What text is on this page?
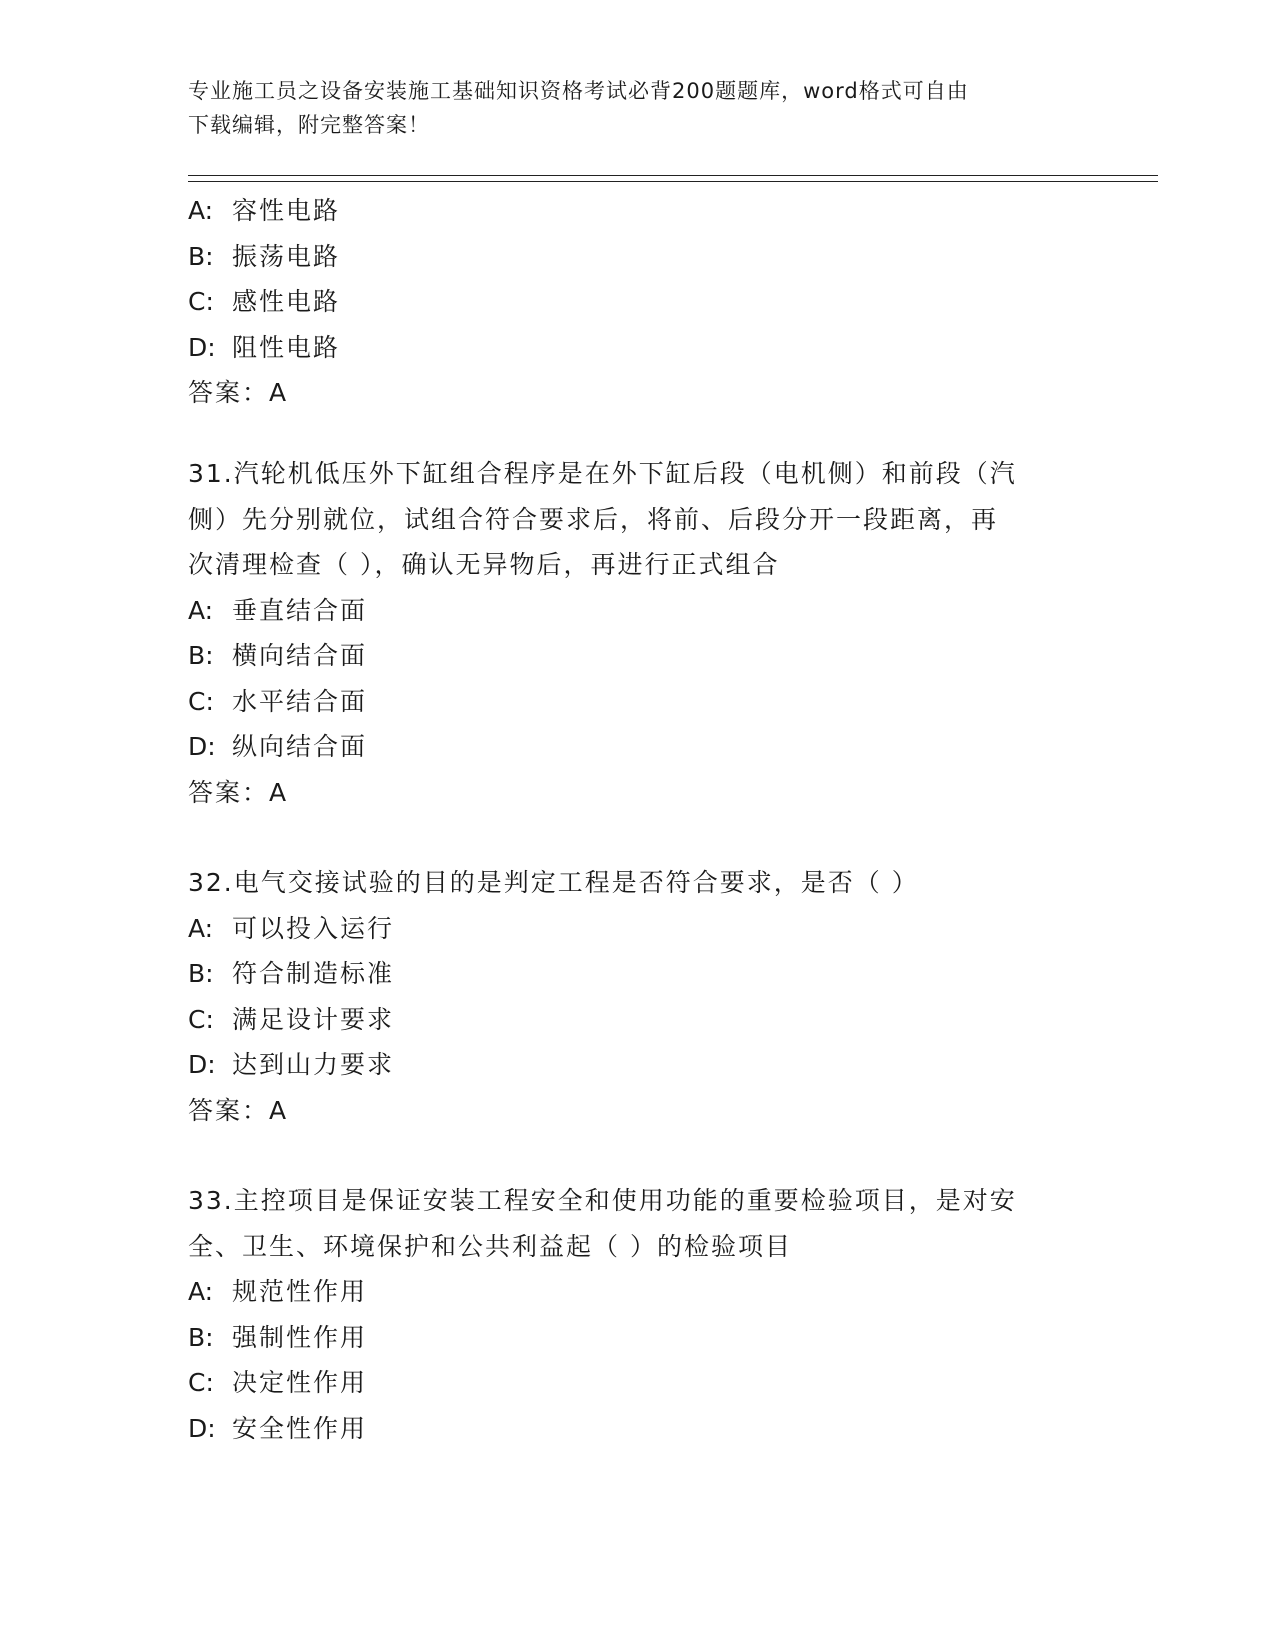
专业施工员之设备安装施工基础知识资格考试必背200题题库，word格式可自由
下载编辑，附完整答案！
A: 容性电路
B: 振荡电路
C: 感性电路
D: 阻性电路
答案：A
31.汽轮机低压外下缸组合程序是在外下缸后段（电机侧）和前段（汽
侧）先分别就位，试组合符合要求后，将前、后段分开一段距离，再
次清理检查（ ），确认无异物后，再进行正式组合
A: 垂直结合面
B: 横向结合面
C: 水平结合面
D: 纵向结合面
答案：A
32.电气交接试验的目的是判定工程是否符合要求，是否（ ）
A: 可以投入运行
B: 符合制造标准
C: 满足设计要求
D: 达到山力要求
答案：A
33.主控项目是保证安装工程安全和使用功能的重要检验项目，是对安
全、卫生、环境保护和公共利益起（ ）的检验项目
A: 规范性作用
B: 强制性作用
C: 决定性作用
D: 安全性作用
